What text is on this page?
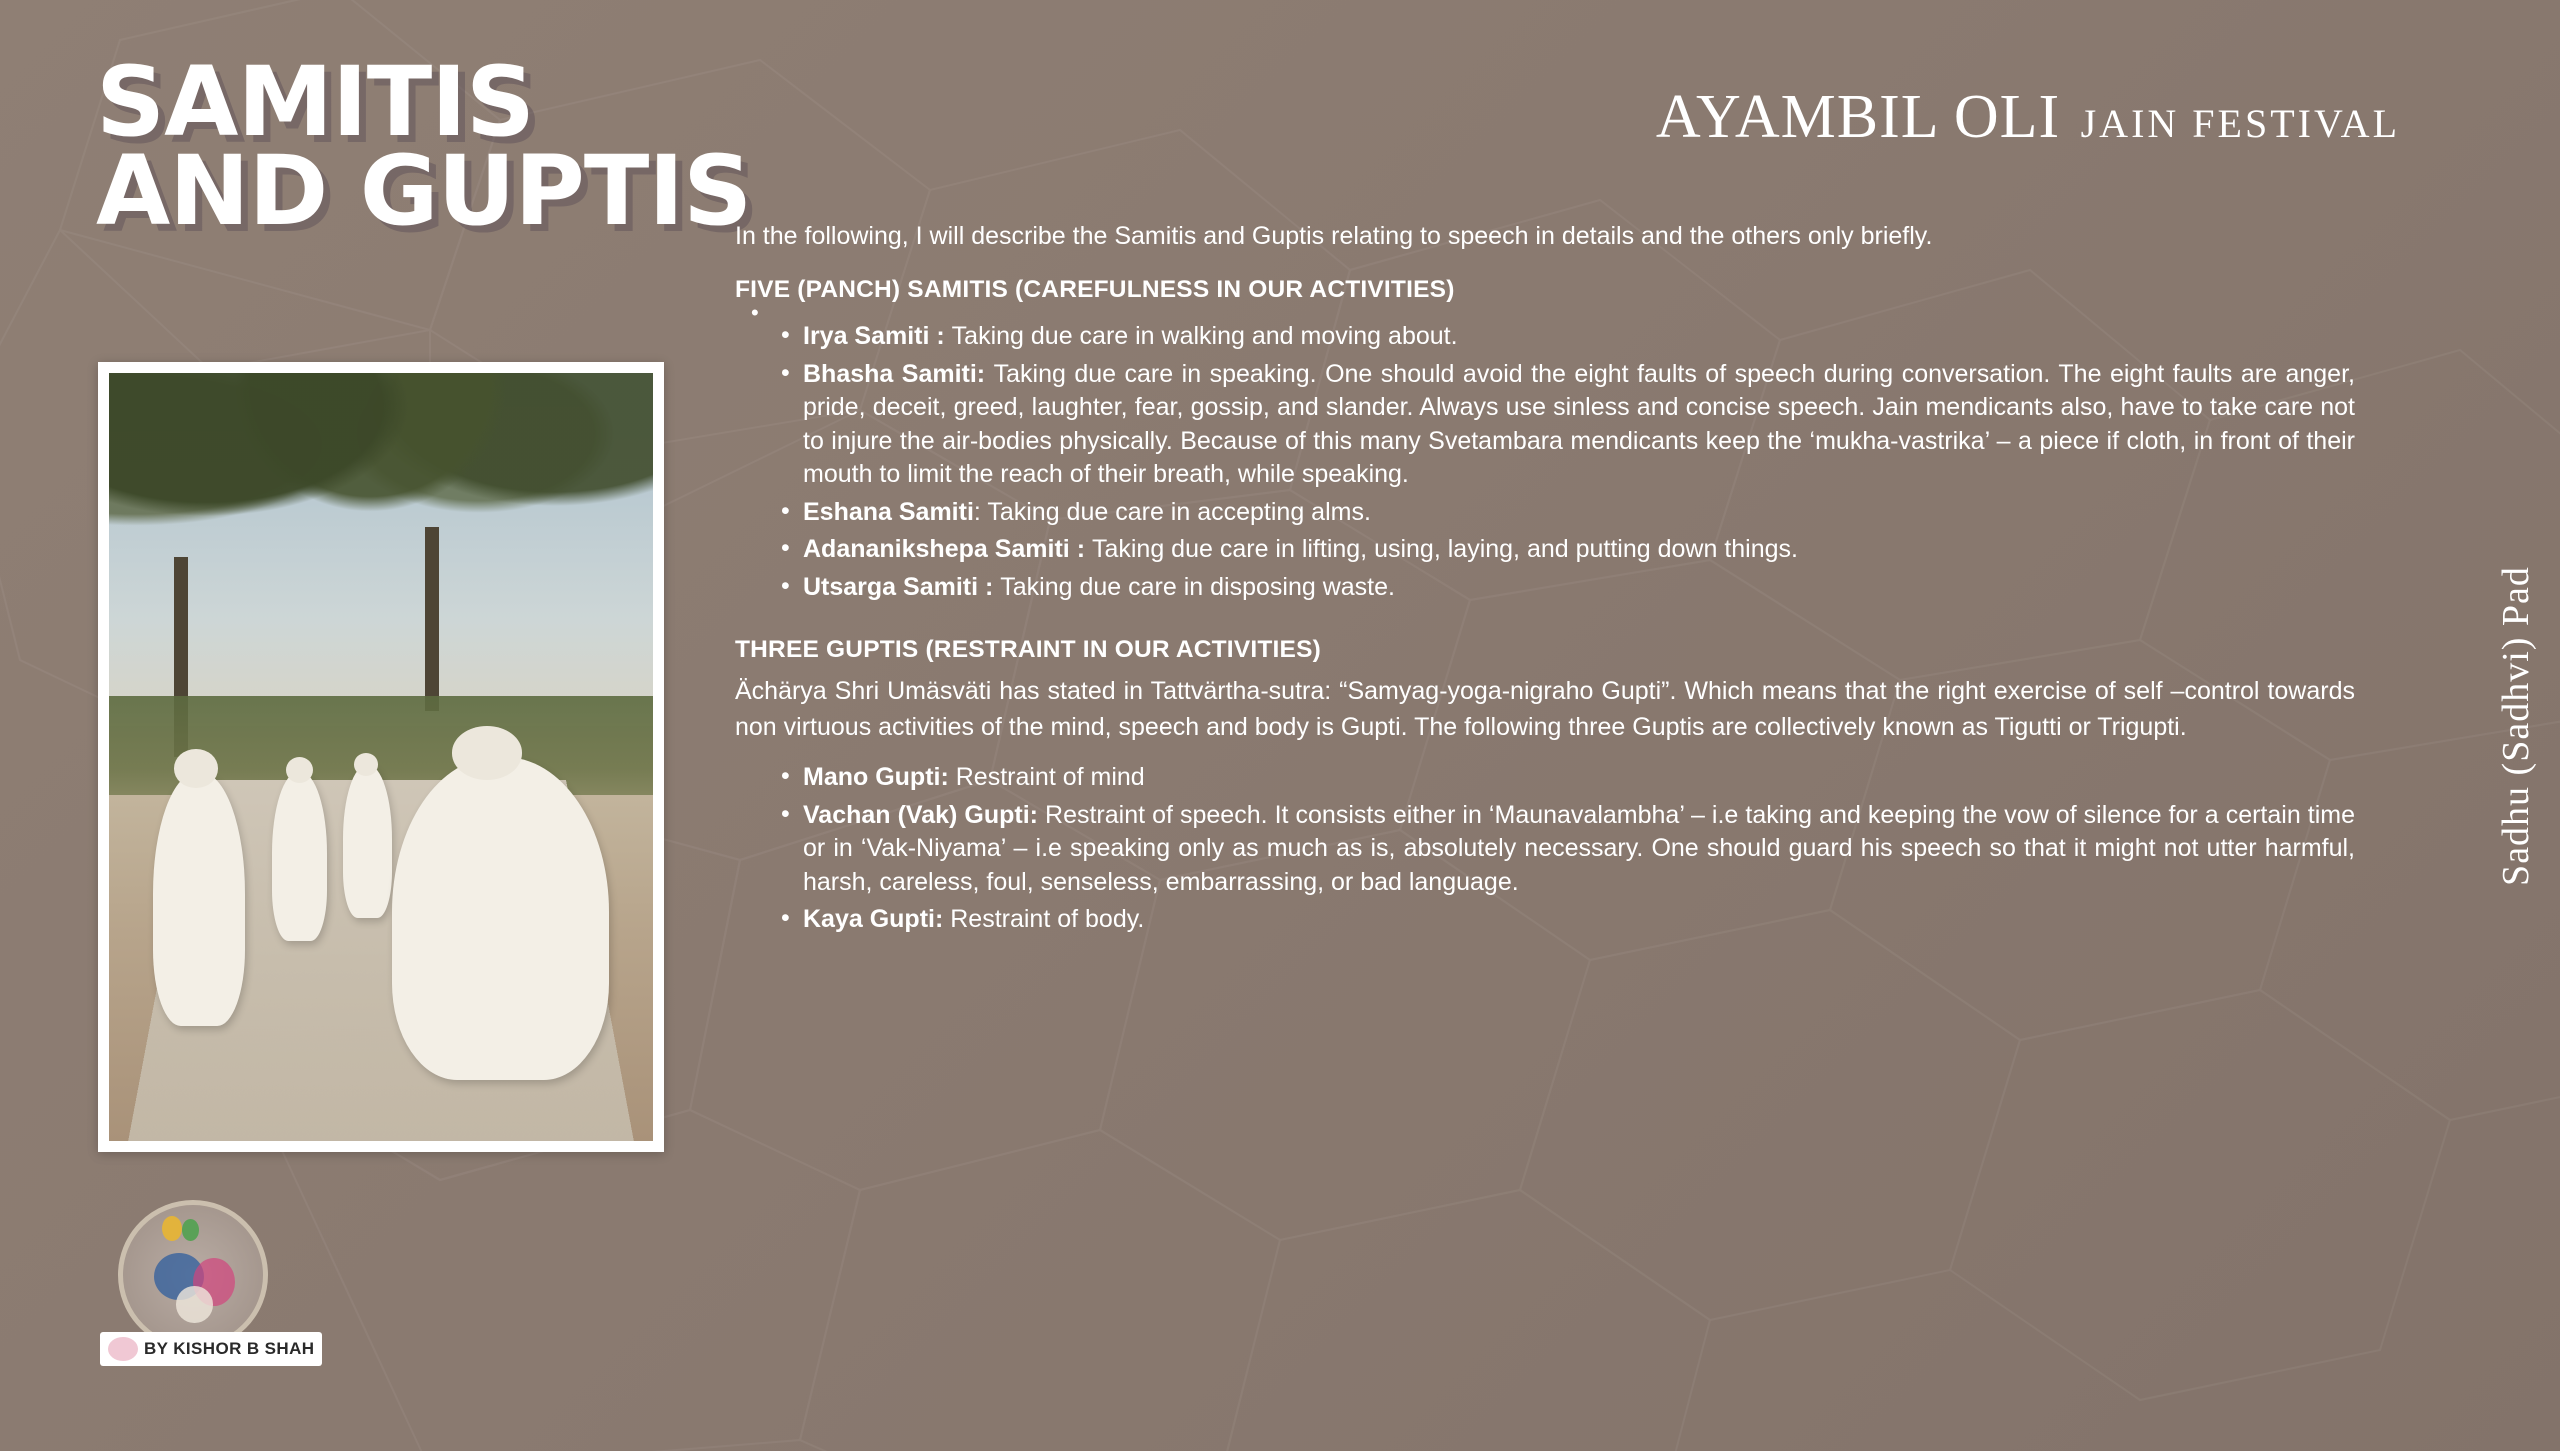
SAMITIS AND GUPTIS
BY KISHOR B SHAH
AYAMBIL OLI JAIN FESTIVAL
In the following, I will describe the Samitis and Guptis relating to speech in details and the others only briefly.
FIVE (PANCH) SAMITIS (CAREFULNESS IN OUR ACTIVITIES)
•
• Irya Samiti : Taking due care in walking and moving about.
• Bhasha Samiti: Taking due care in speaking. One should avoid the eight faults of speech during conversation. The eight faults are anger, pride, deceit, greed, laughter, fear, gossip, and slander. Always use sinless and concise speech. Jain mendicants also, have to take care not to injure the air-bodies physically. Because of this many Svetambara mendicants keep the ‘mukha-vastrika’ – a piece if cloth, in front of their mouth to limit the reach of their breath, while speaking.
• Eshana Samiti: Taking due care in accepting alms.
• Adananikshepa Samiti : Taking due care in lifting, using, laying, and putting down things.
• Utsarga Samiti : Taking due care in disposing waste.
THREE GUPTIS (RESTRAINT IN OUR ACTIVITIES)
Ächärya Shri Umäsväti has stated in Tattvärtha-sutra: “Samyag-yoga-nigraho Gupti”. Which means that the right exercise of self –control towards non virtuous activities of the mind, speech and body is Gupti. The following three Guptis are collectively known as Tigutti or Trigupti.
• Mano Gupti: Restraint of mind
• Vachan (Vak) Gupti: Restraint of speech. It consists either in ‘Maunavalambha’ – i.e taking and keeping the vow of silence for a certain time or in ‘Vak-Niyama’ – i.e speaking only as much as is, absolutely necessary. One should guard his speech so that it might not utter harmful, harsh, careless, foul, senseless, embarrassing, or bad language.
• Kaya Gupti: Restraint of body.
Sadhu (Sadhvi) Pad
